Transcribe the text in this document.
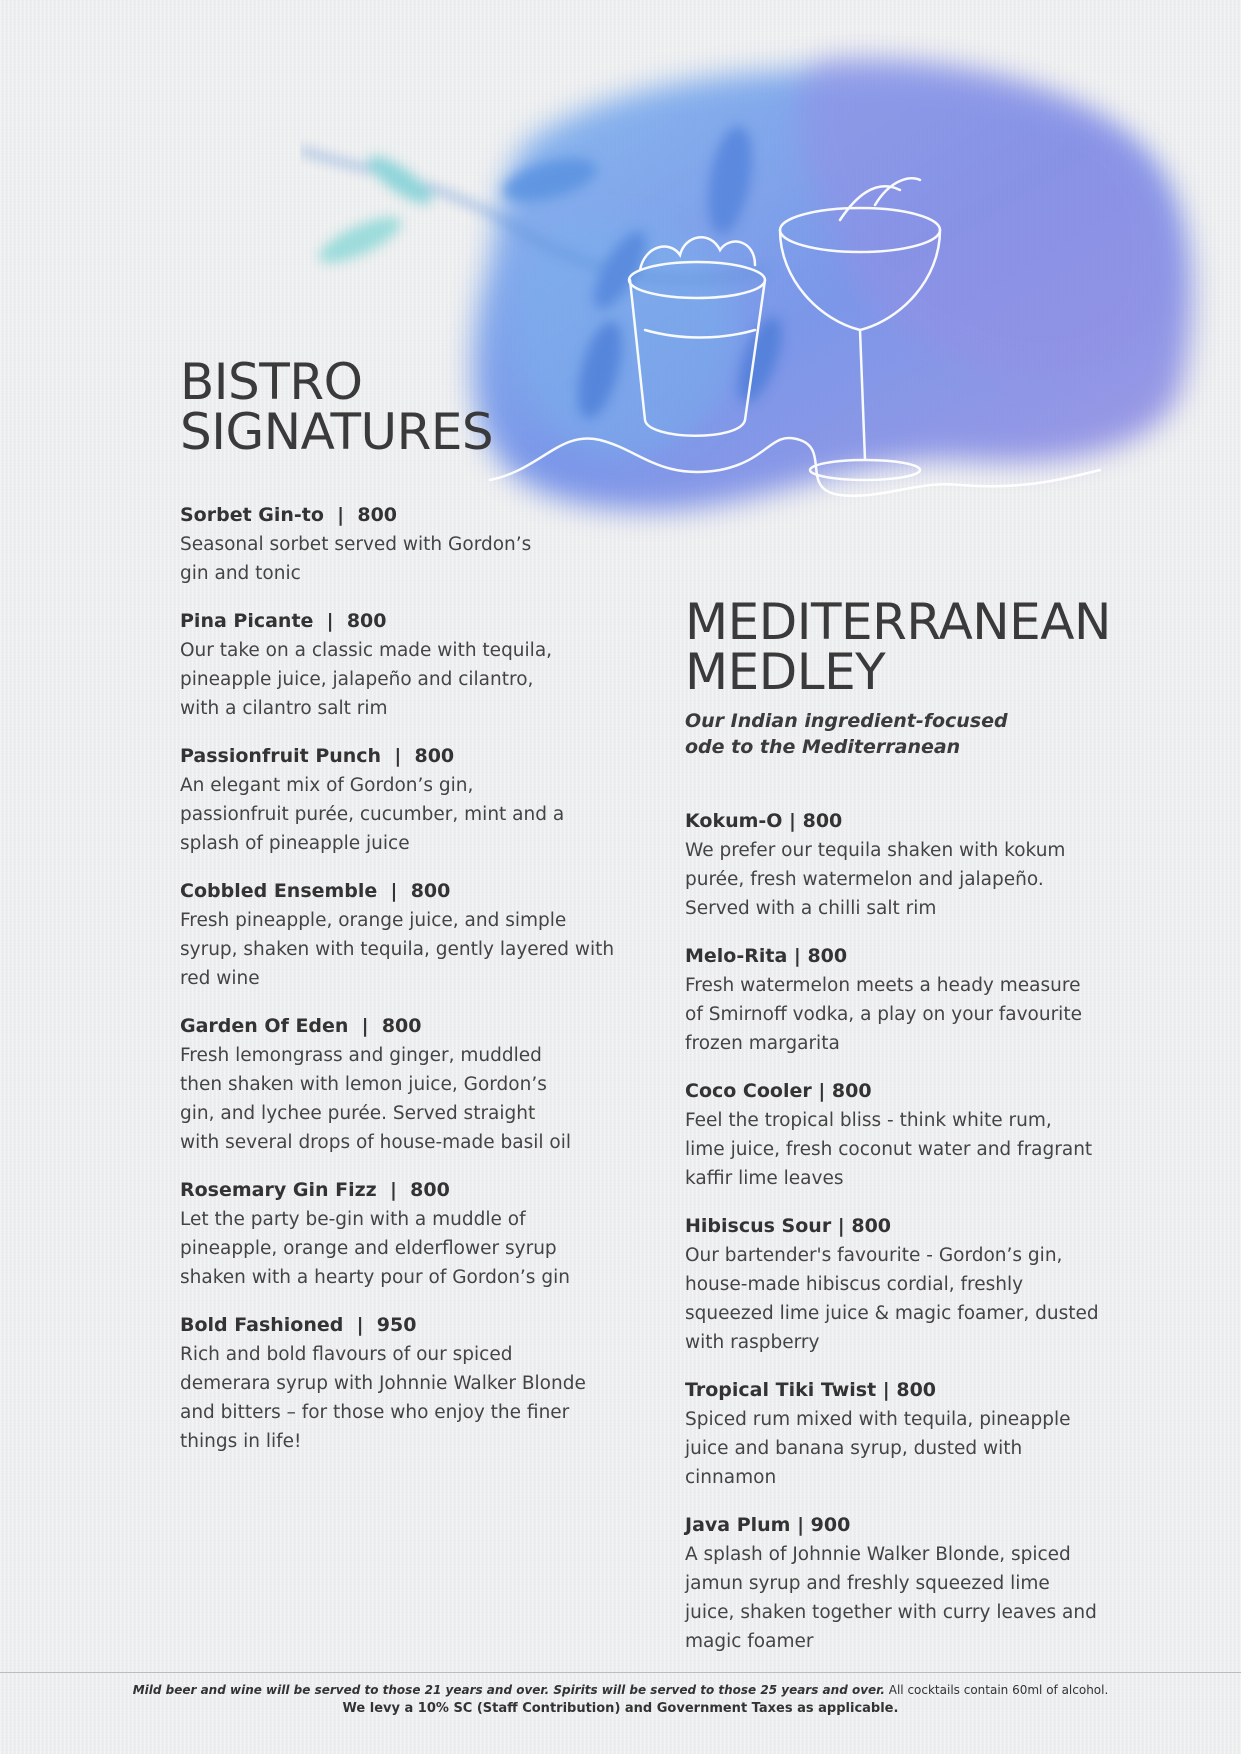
BISTRO
SIGNATURES
Sorbet Gin-to  |  800
Seasonal sorbet served with Gordon’s gin and tonic
Pina Picante  |  800
Our take on a classic made with tequila, pineapple juice, jalapeño and cilantro, with a cilantro salt rim
Passionfruit Punch  |  800
An elegant mix of Gordon’s gin, passionfruit purée, cucumber, mint and a splash of pineapple juice
Cobbled Ensemble  |  800
Fresh pineapple, orange juice, and simple syrup, shaken with tequila, gently layered with red wine
Garden Of Eden  |  800
Fresh lemongrass and ginger, muddled then shaken with lemon juice, Gordon’s gin, and lychee purée. Served straight with several drops of house-made basil oil
Rosemary Gin Fizz  |  800
Let the party be-gin with a muddle of pineapple, orange and elderflower syrup shaken with a hearty pour of Gordon’s gin
Bold Fashioned  |  950
Rich and bold flavours of our spiced demerara syrup with Johnnie Walker Blonde and bitters – for those who enjoy the finer things in life!
MEDITERRANEAN
MEDLEY
Our Indian ingredient-focused ode to the Mediterranean
Kokum-O | 800
We prefer our tequila shaken with kokum purée, fresh watermelon and jalapeño. Served with a chilli salt rim
Melo-Rita | 800
Fresh watermelon meets a heady measure of Smirnoff vodka, a play on your favourite frozen margarita
Coco Cooler | 800
Feel the tropical bliss - think white rum, lime juice, fresh coconut water and fragrant kaffir lime leaves
Hibiscus Sour | 800
Our bartender's favourite - Gordon’s gin, house-made hibiscus cordial, freshly squeezed lime juice & magic foamer, dusted with raspberry
Tropical Tiki Twist | 800
Spiced rum mixed with tequila, pineapple juice and banana syrup, dusted with cinnamon
Java Plum | 900
A splash of Johnnie Walker Blonde, spiced jamun syrup and freshly squeezed lime juice, shaken together with curry leaves and magic foamer
Mild beer and wine will be served to those 21 years and over. Spirits will be served to those 25 years and over. All cocktails contain 60ml of alcohol.
We levy a 10% SC (Staff Contribution) and Government Taxes as applicable.
